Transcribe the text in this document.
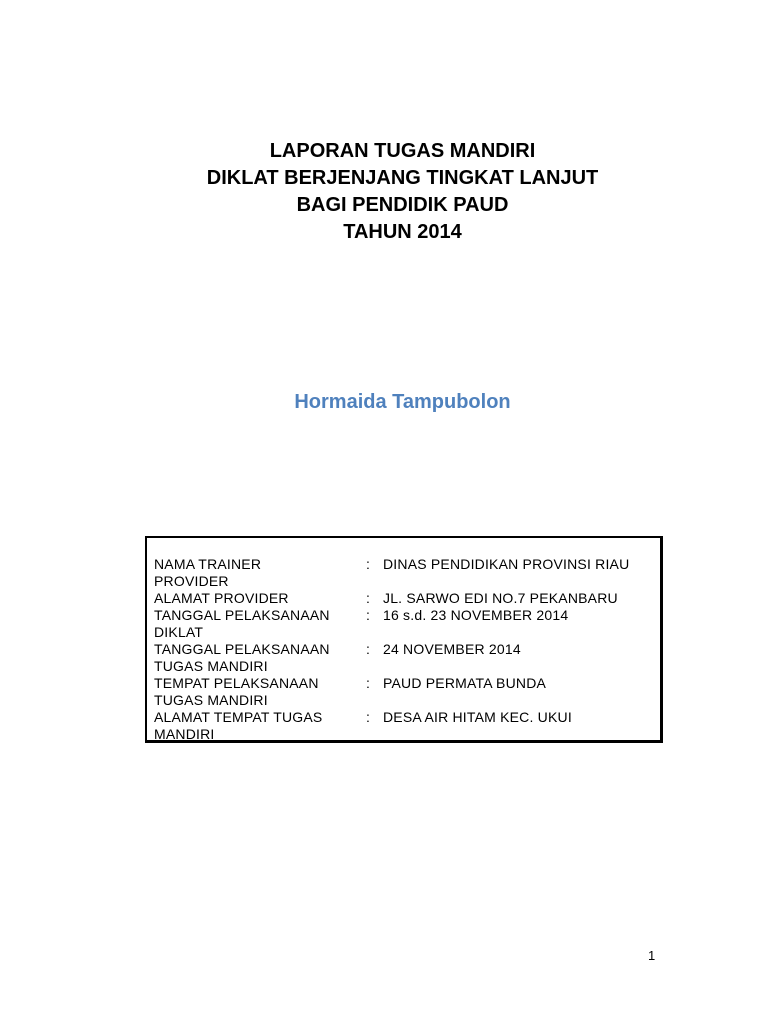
LAPORAN TUGAS MANDIRI
DIKLAT BERJENJANG TINGKAT LANJUT
BAGI PENDIDIK PAUD
TAHUN 2014
Hormaida Tampubolon
NAMA TRAINER
PROVIDER
: DINAS PENDIDIKAN PROVINSI RIAU
ALAMAT PROVIDER	: JL. SARWO EDI NO.7 PEKANBARU
TANGGAL PELAKSANAAN
DIKLAT
: 16 s.d. 23 NOVEMBER 2014
TANGGAL PELAKSANAAN
TUGAS MANDIRI
: 24 NOVEMBER 2014
TEMPAT PELAKSANAAN
TUGAS MANDIRI
: PAUD PERMATA BUNDA
ALAMAT TEMPAT TUGAS
MANDIRI
: DESA AIR HITAM KEC. UKUI
1
